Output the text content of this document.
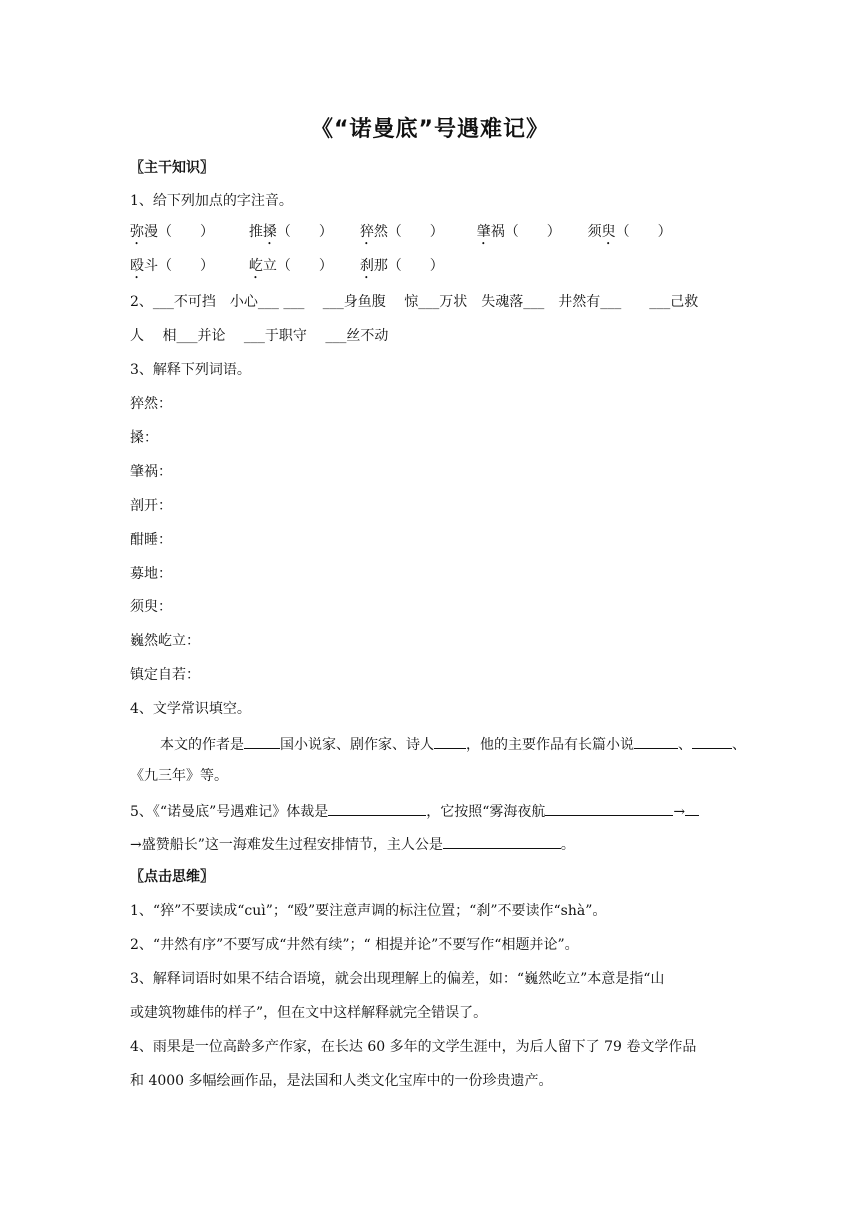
《“诺曼底”号遇难记》
〖主干知识〗
1、给下列加点的字注音。
弥漫（　　） 推搡（　　） 猝然（　　） 肇祸（　　） 须臾（　　）
殴斗（　　） 屹立（　　） 刹那（　　）
2、___不可挡　小心___ ___　 ___身鱼腹　 惊___万状　失魂落___　井然有___　　___己救
人　 相___并论　 ___于职守　 ___丝不动
3、解释下列词语。
猝然：
搡：
肇祸：
剖开：
酣睡：
募地：
须臾：
巍然屹立：
镇定自若：
4、文学常识填空。
本文的作者是	国小说家、剧作家、诗人 ，他的主要作品有长篇小说	、	、
《九三年》等。
5、《“诺曼底”号遇难记》体裁是	，它按照“雾海夜航	→
→盛赞船长”这一海难发生过程安排情节，主人公是	。
〖点击思维〗
1、“猝”不要读成“cuì”；“殴”要注意声调的标注位置；“刹”不要读作“shà”。
2、“井然有序”不要写成“井然有续”；“ 相提并论”不要写作“相题并论”。
3、解释词语时如果不结合语境，就会出现理解上的偏差，如：“巍然屹立”本意是指“山
或建筑物雄伟的样子”，但在文中这样解释就完全错误了。
4、雨果是一位高龄多产作家，在长达 60 多年的文学生涯中，为后人留下了 79 卷文学作品
和 4000 多幅绘画作品，是法国和人类文化宝库中的一份珍贵遗产。
